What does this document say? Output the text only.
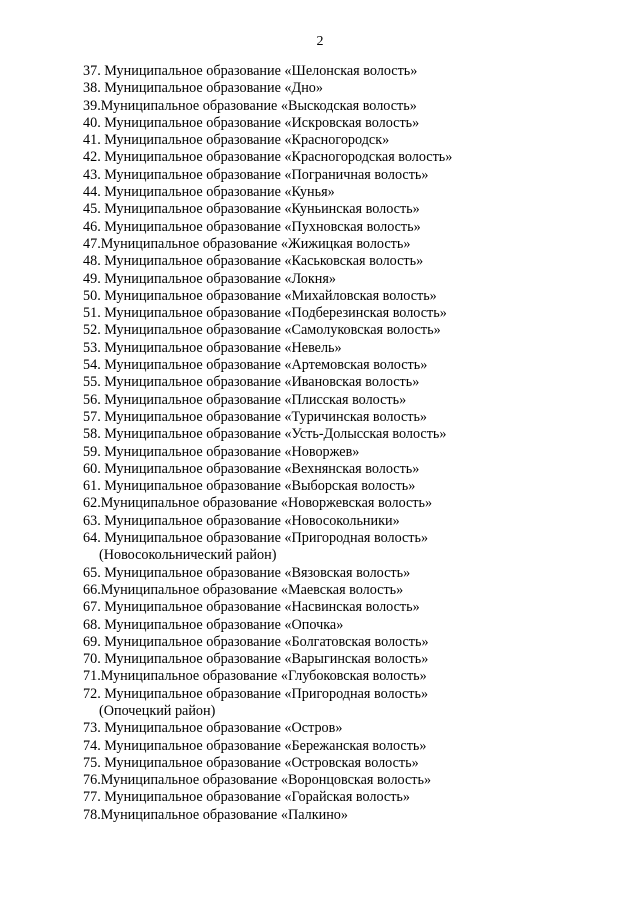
2
37. Муниципальное образование «Шелонская волость»
38. Муниципальное образование «Дно»
39.Муниципальное образование «Выскодская волость»
40. Муниципальное образование «Искровская волость»
41. Муниципальное образование «Красногородск»
42. Муниципальное образование «Красногородская волость»
43. Муниципальное образование «Пограничная волость»
44. Муниципальное образование «Кунья»
45. Муниципальное образование «Куньинская волость»
46. Муниципальное образование «Пухновская волость»
47.Муниципальное образование «Жижицкая волость»
48. Муниципальное образование «Каськовская волость»
49. Муниципальное образование «Локня»
50. Муниципальное образование «Михайловская волость»
51. Муниципальное образование «Подберезинская волость»
52. Муниципальное образование «Самолуковская волость»
53. Муниципальное образование «Невель»
54. Муниципальное образование «Артемовская волость»
55. Муниципальное образование «Ивановская волость»
56. Муниципальное образование «Плисская волость»
57. Муниципальное образование «Туричинская волость»
58. Муниципальное образование «Усть-Долысская волость»
59. Муниципальное образование «Новоржев»
60. Муниципальное образование «Вехнянская волость»
61. Муниципальное образование «Выборская волость»
62.Муниципальное образование «Новоржевская волость»
63. Муниципальное образование «Новосокольники»
64. Муниципальное образование «Пригородная волость»
(Новосокольнический район)
65. Муниципальное образование «Вязовская волость»
66.Муниципальное образование «Маевская волость»
67. Муниципальное образование «Насвинская волость»
68. Муниципальное образование «Опочка»
69. Муниципальное образование «Болгатовская волость»
70. Муниципальное образование «Варыгинская волость»
71.Муниципальное образование «Глубоковская волость»
72. Муниципальное образование «Пригородная волость»
(Опочецкий район)
73. Муниципальное образование «Остров»
74. Муниципальное образование «Бережанская волость»
75. Муниципальное образование «Островская волость»
76.Муниципальное образование «Воронцовская волость»
77. Муниципальное образование «Горайская волость»
78.Муниципальное образование «Палкино»
